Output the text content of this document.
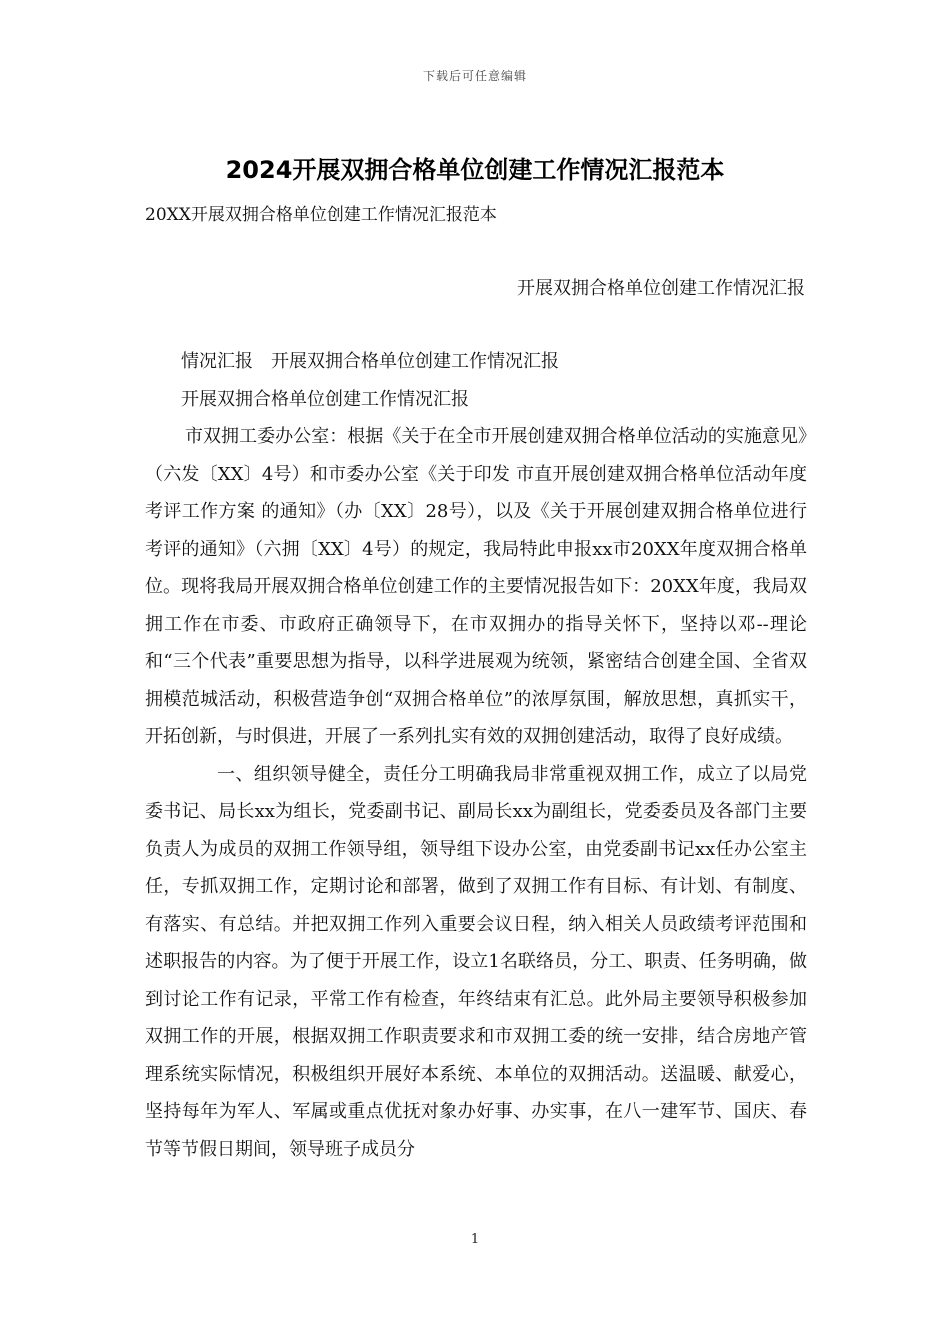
下载后可任意编辑
2024开展双拥合格单位创建工作情况汇报范本

20XX开展双拥合格单位创建工作情况汇报范本

开展双拥合格单位创建工作情况汇报

情况汇报　开展双拥合格单位创建工作情况汇报

开展双拥合格单位创建工作情况汇报

市双拥工委办公室：根据《关于在全市开展创建双拥合格单位活动的实施意见》（六发〔XX〕4号）和市委办公室《关于印发 市直开展创建双拥合格单位活动年度考评工作方案 的通知》（办〔XX〕28号），以及《关于开展创建双拥合格单位进行考评的通知》（六拥〔XX〕4号）的规定，我局特此申报xx市20XX年度双拥合格单位。现将我局开展双拥合格单位创建工作的主要情况报告如下：20XX年度，我局双拥工作在市委、市政府正确领导下，在市双拥办的指导关怀下，坚持以邓--理论和“三个代表”重要思想为指导，以科学进展观为统领，紧密结合创建全国、全省双拥模范城活动，积极营造争创“双拥合格单位”的浓厚氛围，解放思想，真抓实干，开拓创新，与时俱进，开展了一系列扎实有效的双拥创建活动，取得了良好成绩。

一、组织领导健全，责任分工明确我局非常重视双拥工作，成立了以局党委书记、局长xx为组长，党委副书记、副局长xx为副组长，党委委员及各部门主要负责人为成员的双拥工作领导组，领导组下设办公室，由党委副书记xx任办公室主任，专抓双拥工作，定期讨论和部署，做到了双拥工作有目标、有计划、有制度、有落实、有总结。并把双拥工作列入重要会议日程，纳入相关人员政绩考评范围和述职报告的内容。为了便于开展工作，设立1名联络员，分工、职责、任务明确，做到讨论工作有记录，平常工作有检查，年终结束有汇总。此外局主要领导积极参加双拥工作的开展，根据双拥工作职责要求和市双拥工委的统一安排，结合房地产管理系统实际情况，积极组织开展好本系统、本单位的双拥活动。送温暖、献爱心，坚持每年为军人、军属或重点优抚对象办好事、办实事，在八一建军节、国庆、春节等节假日期间，领导班子成员分

1
